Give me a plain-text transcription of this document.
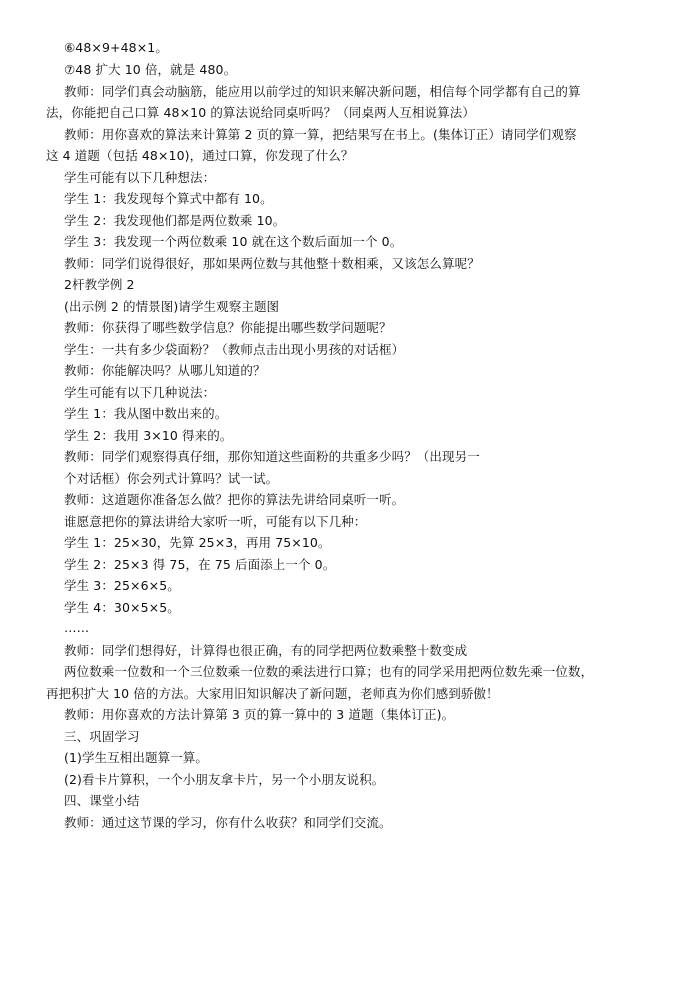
⑥48×9+48×1。
⑦48 扩大 10 倍，就是 480。
教师：同学们真会动脑筋，能应用以前学过的知识来解决新问题，相信每个同学都有自己的算
法，你能把自己口算 48×10 的算法说给同桌听吗？（同桌两人互相说算法）
教师：用你喜欢的算法来计算第 2 页的算一算，把结果写在书上。(集体订正）请同学们观察
这 4 道题（包括 48×10)，通过口算，你发现了什么？
学生可能有以下几种想法：
学生 1：我发现每个算式中都有 10。
学生 2：我发现他们都是两位数乘 10。
学生 3：我发现一个两位数乘 10 就在这个数后面加一个 0。
教师：同学们说得很好，那如果两位数与其他整十数相乘，又该怎么算呢？
2杆教学例 2
(出示例 2 的情景图)请学生观察主题图
教师：你获得了哪些数学信息？你能提出哪些数学问题呢？
学生：一共有多少袋面粉？（教师点击出现小男孩的对话框）
教师：你能解决吗？从哪儿知道的？
学生可能有以下几种说法：
学生 1：我从图中数出来的。
学生 2：我用 3×10 得来的。
教师：同学们观察得真仔细，那你知道这些面粉的共重多少吗？（出现另一
个对话框）你会列式计算吗？试一试。
教师：这道题你准备怎么做？把你的算法先讲给同桌听一听。
谁愿意把你的算法讲给大家听一听，可能有以下几种：
学生 1：25×30，先算 25×3，再用 75×10。
学生 2：25×3 得 75，在 75 后面添上一个 0。
学生 3：25×6×5。
学生 4：30×5×5。
……
教师：同学们想得好，计算得也很正确，有的同学把两位数乘整十数变成
两位数乘一位数和一个三位数乘一位数的乘法进行口算；也有的同学采用把两位数先乘一位数，
再把积扩大 10 倍的方法。大家用旧知识解决了新问题，老师真为你们感到骄傲！
教师：用你喜欢的方法计算第 3 页的算一算中的 3 道题（集体订正)。
三、巩固学习
(1)学生互相出题算一算。
(2)看卡片算积，一个小朋友拿卡片，另一个小朋友说积。
四、课堂小结
教师：通过这节课的学习，你有什么收获？和同学们交流。
